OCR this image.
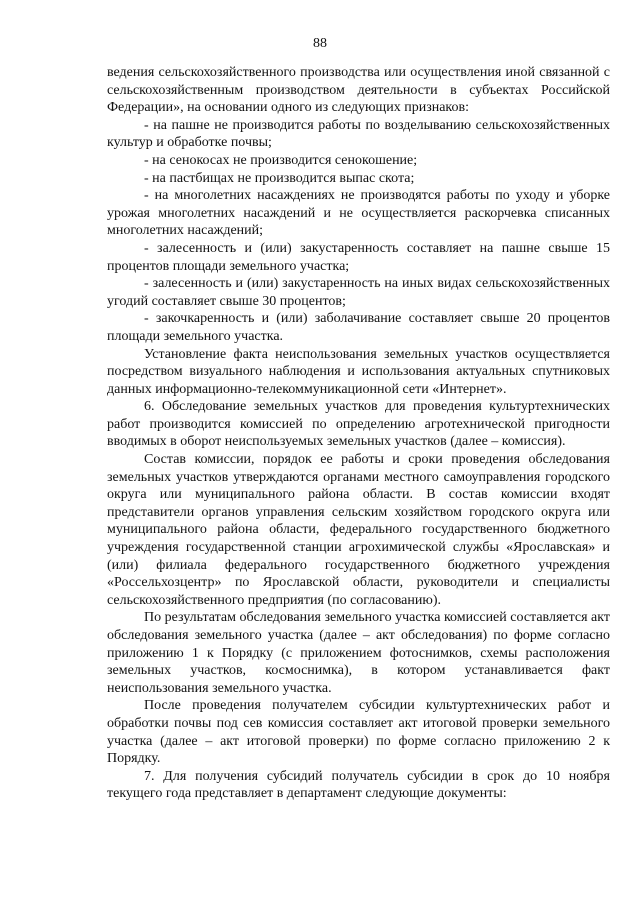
88

ведения сельскохозяйственного производства или осуществления иной связанной с сельскохозяйственным производством деятельности в субъектах Российской Федерации», на основании одного из следующих признаков:

- на пашне не производится работы по возделыванию сельскохозяйственных культур и обработке почвы;

- на сенокосах не производится сенокошение;

- на пастбищах не производится выпас скота;

- на многолетних насаждениях не производятся работы по уходу и уборке урожая многолетних насаждений и не осуществляется раскорчевка списанных многолетних насаждений;

- залесенность и (или) закустаренность составляет на пашне свыше 15 процентов площади земельного участка;

- залесенность и (или) закустаренность на иных видах сельскохозяйственных угодий составляет свыше 30 процентов;

- закочкаренность и (или) заболачивание составляет свыше 20 процентов площади земельного участка.

Установление факта неиспользования земельных участков осуществляется посредством визуального наблюдения и использования актуальных спутниковых данных информационно-телекоммуникационной сети «Интернет».

6. Обследование земельных участков для проведения культуртехнических работ производится комиссией по определению агротехнической пригодности вводимых в оборот неиспользуемых земельных участков (далее – комиссия).

Состав комиссии, порядок ее работы и сроки проведения обследования земельных участков утверждаются органами местного самоуправления городского округа или муниципального района области. В состав комиссии входят представители органов управления сельским хозяйством городского округа или муниципального района области, федерального государственного бюджетного учреждения государственной станции агрохимической службы «Ярославская» и (или) филиала федерального государственного бюджетного учреждения «Россельхозцентр» по Ярославской области, руководители и специалисты сельскохозяйственного предприятия (по согласованию).

По результатам обследования земельного участка комиссией составляется акт обследования земельного участка (далее – акт обследования) по форме согласно приложению 1 к Порядку (с приложением фотоснимков, схемы расположения земельных участков, космоснимка), в котором устанавливается факт неиспользования земельного участка.

После проведения получателем субсидии культуртехнических работ и обработки почвы под сев комиссия составляет акт итоговой проверки земельного участка (далее – акт итоговой проверки) по форме согласно приложению 2 к Порядку.

7. Для получения субсидий получатель субсидии в срок до 10 ноября текущего года представляет в департамент следующие документы:
